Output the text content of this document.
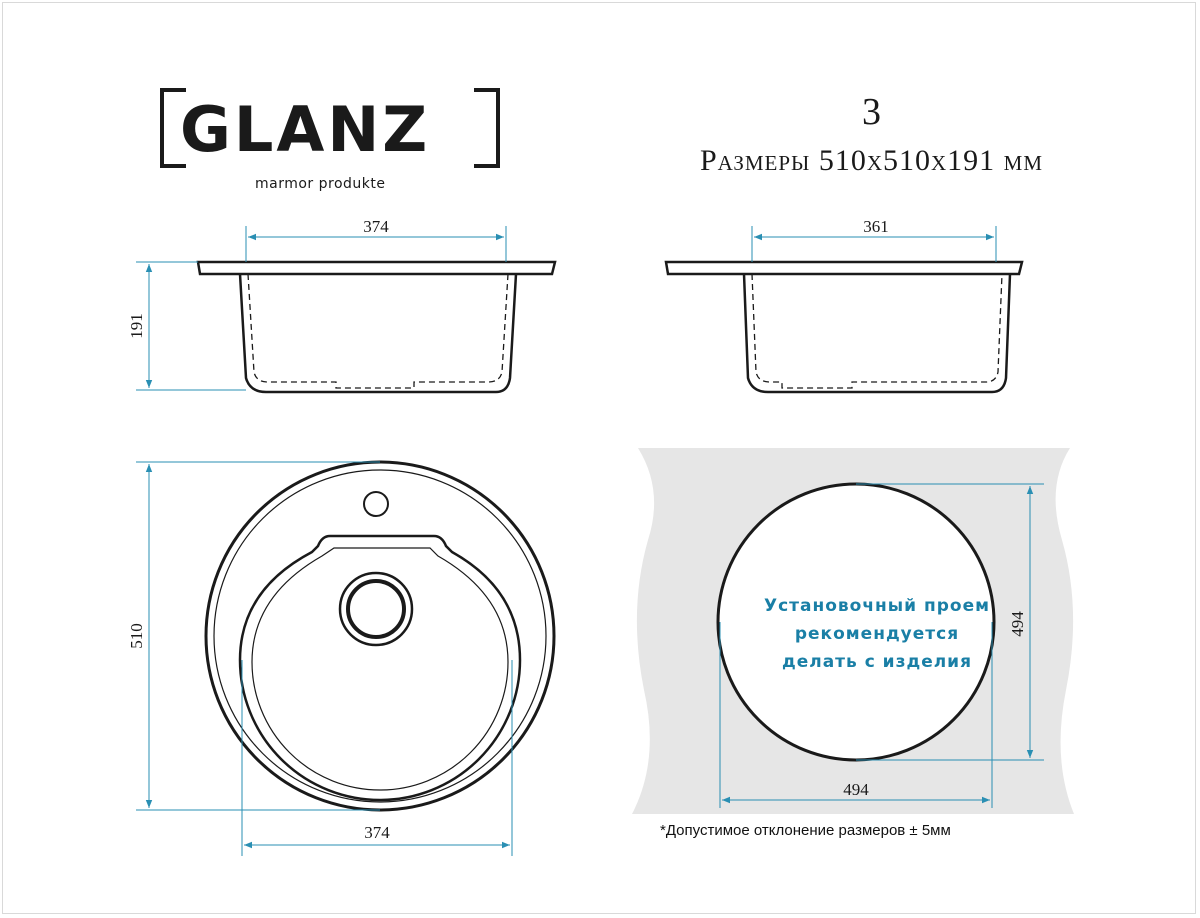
374
191
361
510
374
494
494
GLANZ
marmor produkte
3
Размеры 510х510х191 мм
Установочный проем
рекомендуется
делать с изделия
*Допустимое отклонение размеров ± 5мм
